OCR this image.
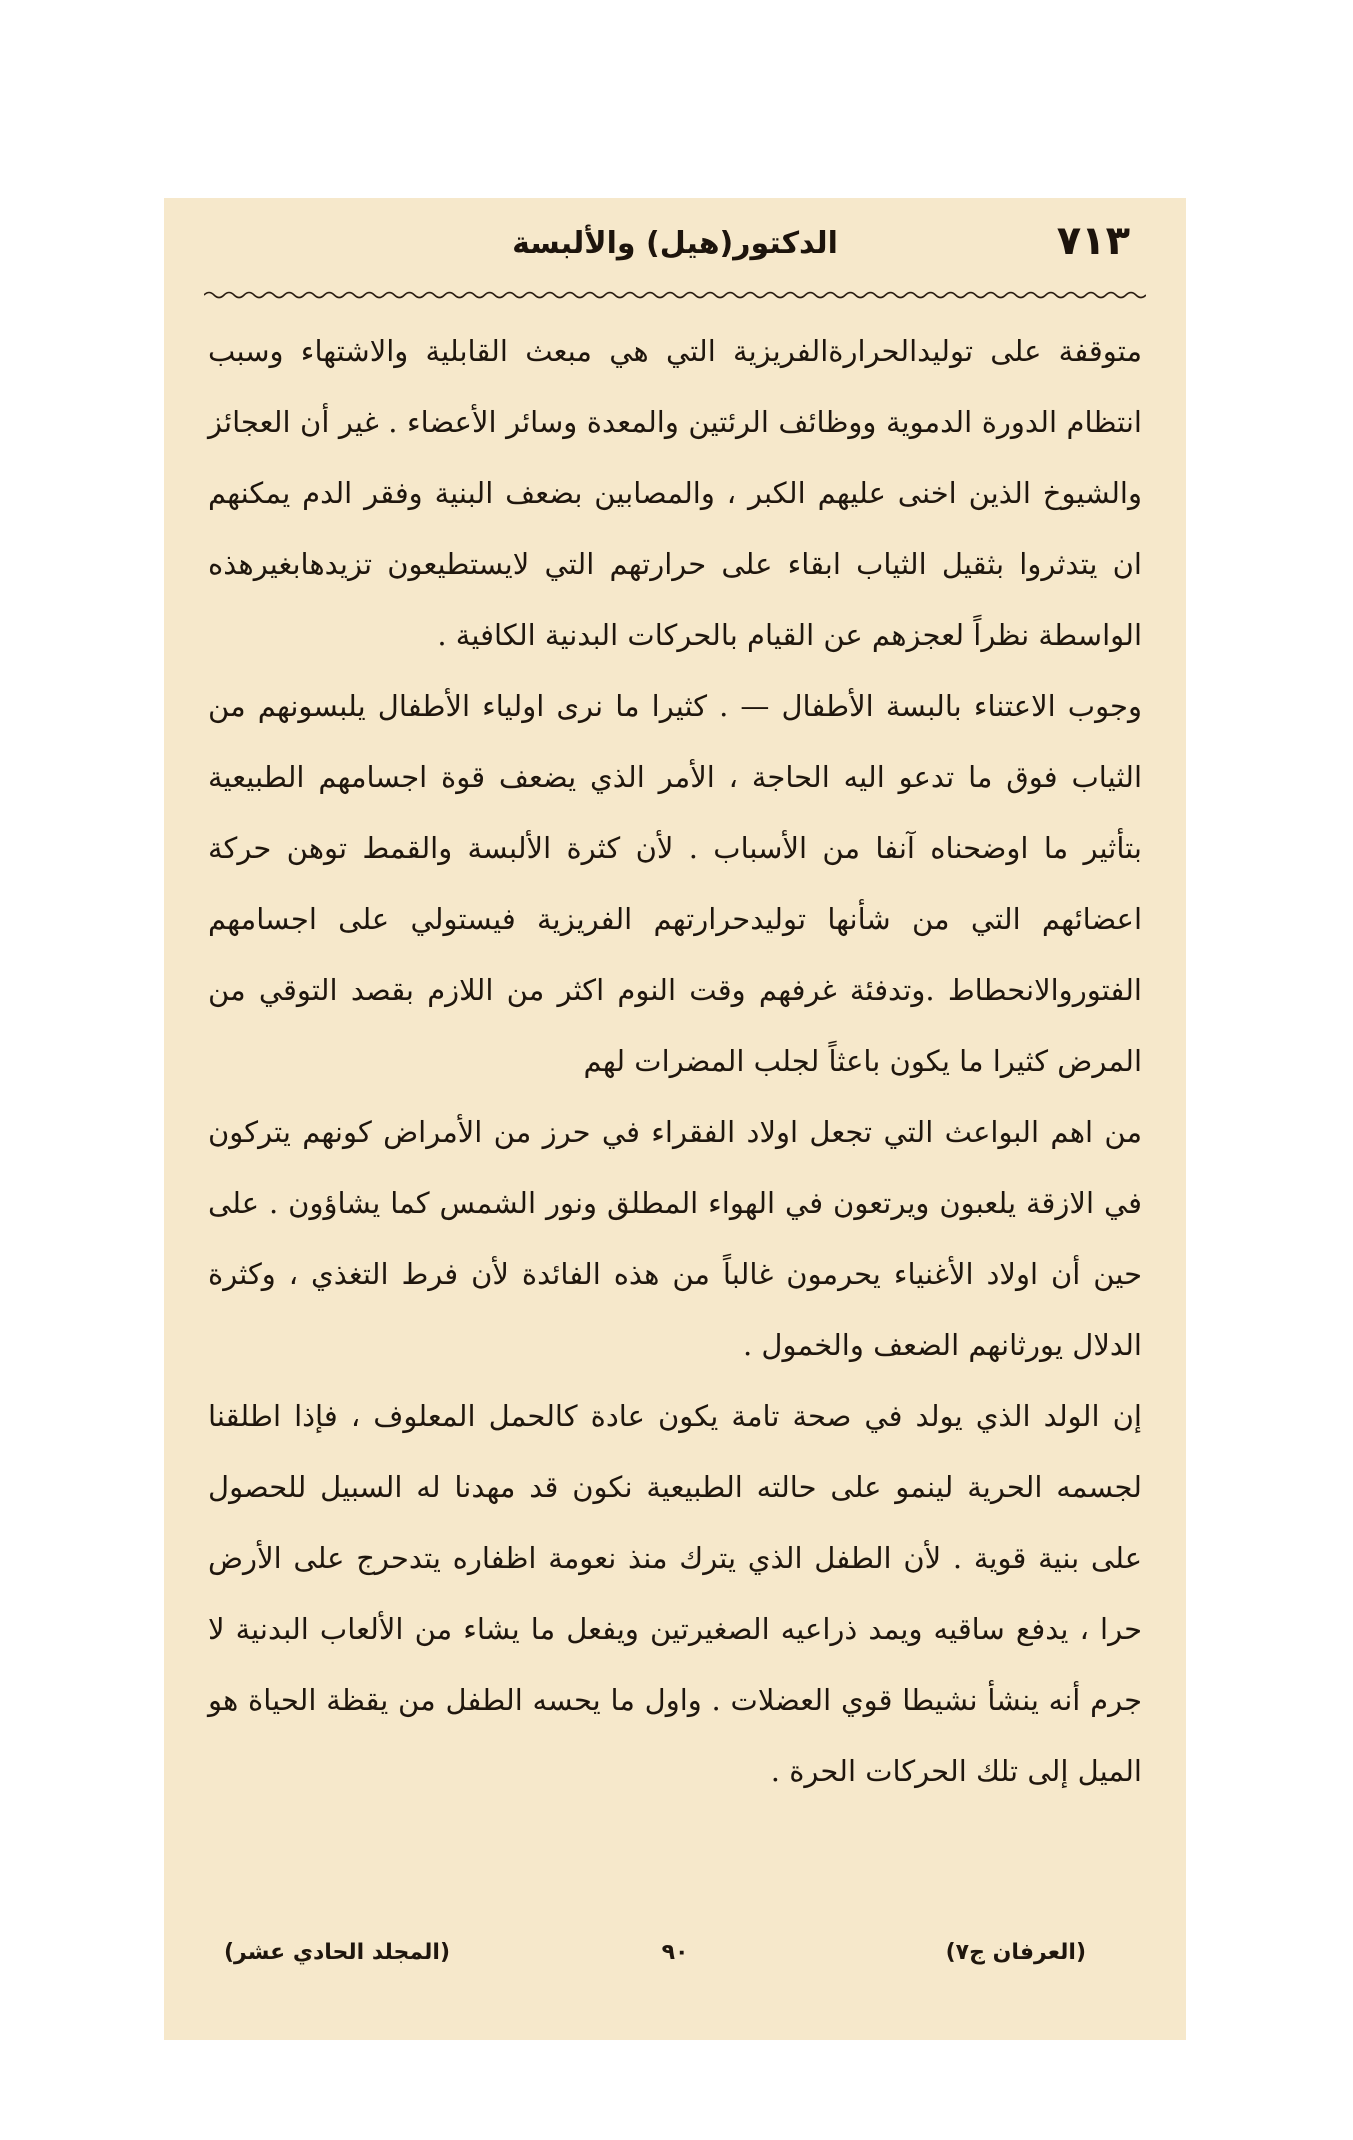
٧١٣
الدكتور(هيل) والألبسة

متوقفة على توليدالحرارةالفريزية التي هي مبعث القابلية والاشتهاء وسبب انتظام الدورة الدموية ووظائف الرئتين والمعدة وسائر الأعضاء . غير أن العجائز والشيوخ الذين اخنى عليهم الكبر ، والمصابين بضعف البنية وفقر الدم يمكنهم ان يتدثروا بثقيل الثياب ابقاء على حرارتهم التي لايستطيعون تزيدهابغيرهذه الواسطة نظراً لعجزهم عن القيام بالحركات البدنية الكافية .

وجوب الاعتناء بالبسة الأطفال — . كثيرا ما نرى اولياء الأطفال يلبسونهم من الثياب فوق ما تدعو اليه الحاجة ، الأمر الذي يضعف قوة اجسامهم الطبيعية بتأثير ما اوضحناه آنفا من الأسباب . لأن كثرة الألبسة والقمط توهن حركة اعضائهم التي من شأنها توليدحرارتهم الفريزية فيستولي على اجسامهم الفتوروالانحطاط .وتدفئة غرفهم وقت النوم اكثر من اللازم بقصد التوقي من المرض كثيرا ما يكون باعثاً لجلب المضرات لهم

من اهم البواعث التي تجعل اولاد الفقراء في حرز من الأمراض كونهم يتركون في الازقة يلعبون ويرتعون في الهواء المطلق ونور الشمس كما يشاؤون . على حين أن اولاد الأغنياء يحرمون غالباً من هذه الفائدة لأن فرط التغذي ، وكثرة الدلال يورثانهم الضعف والخمول .

إن الولد الذي يولد في صحة تامة يكون عادة كالحمل المعلوف ، فإذا اطلقنا لجسمه الحرية لينمو على حالته الطبيعية نكون قد مهدنا له السبيل للحصول على بنية قوية . لأن الطفل الذي يترك منذ نعومة اظفاره يتدحرج على الأرض حرا ، يدفع ساقيه ويمد ذراعيه الصغيرتين ويفعل ما يشاء من الألعاب البدنية لا جرم أنه ينشأ نشيطا قوي العضلات . واول ما يحسه الطفل من يقظة الحياة هو الميل إلى تلك الحركات الحرة .

(العرفان ج٧)
٩٠
(المجلد الحادي عشر)
